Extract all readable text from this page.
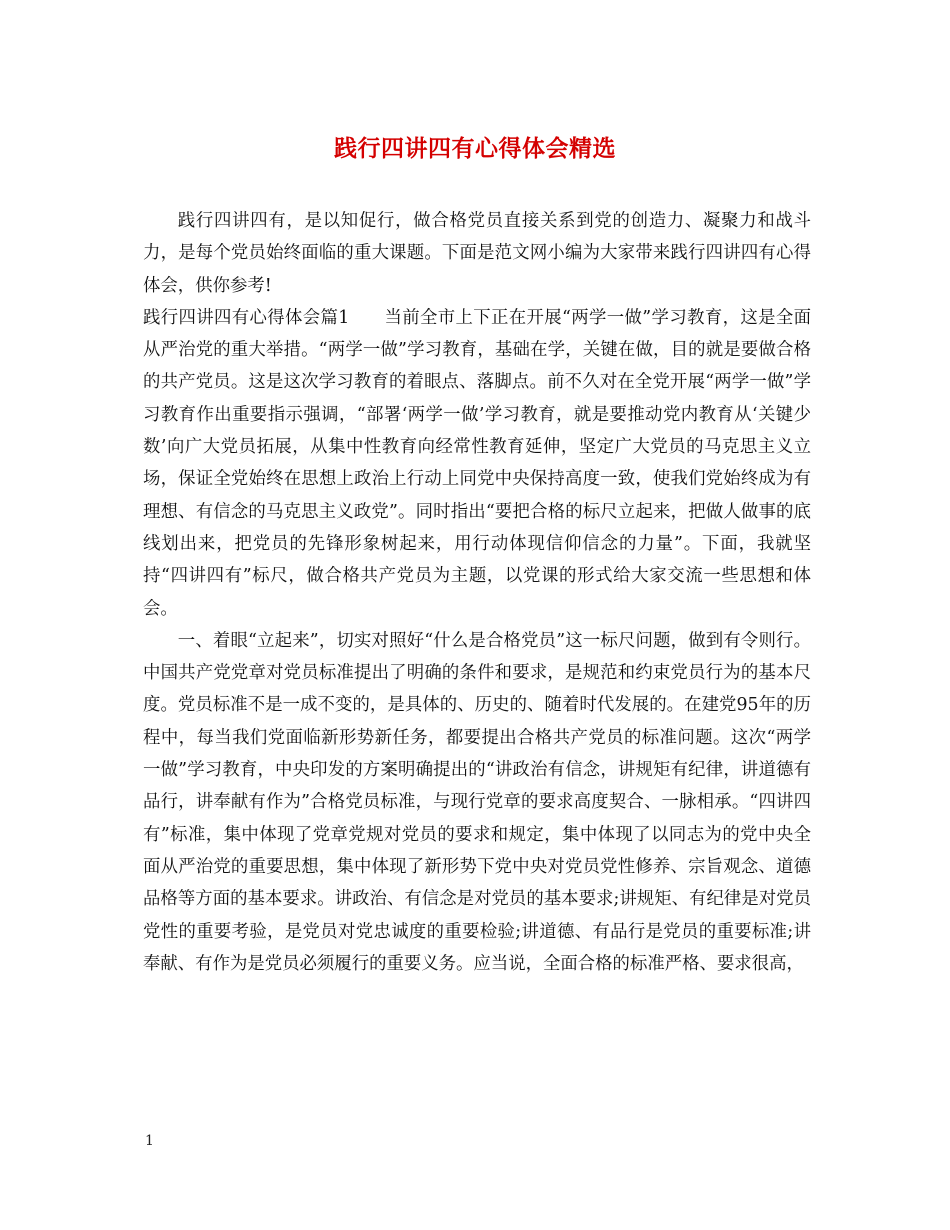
践行四讲四有心得体会精选

践行四讲四有，是以知促行，做合格党员直接关系到党的创造力、凝聚力和战斗力，是每个党员始终面临的重大课题。下面是范文网小编为大家带来践行四讲四有心得体会，供你参考!

践行四讲四有心得体会篇1   当前全市上下正在开展“两学一做”学习教育，这是全面从严治党的重大举措。“两学一做”学习教育，基础在学，关键在做，目的就是要做合格的共产党员。这是这次学习教育的着眼点、落脚点。前不久对在全党开展“两学一做”学习教育作出重要指示强调，“部署‘两学一做’学习教育，就是要推动党内教育从‘关键少数’向广大党员拓展，从集中性教育向经常性教育延伸，坚定广大党员的马克思主义立场，保证全党始终在思想上政治上行动上同党中央保持高度一致，使我们党始终成为有理想、有信念的马克思主义政党”。同时指出“要把合格的标尺立起来，把做人做事的底线划出来，把党员的先锋形象树起来，用行动体现信仰信念的力量”。下面，我就坚持“四讲四有”标尺，做合格共产党员为主题，以党课的形式给大家交流一些思想和体会。

一、着眼“立起来”，切实对照好“什么是合格党员”这一标尺问题，做到有令则行。中国共产党党章对党员标准提出了明确的条件和要求，是规范和约束党员行为的基本尺度。党员标准不是一成不变的，是具体的、历史的、随着时代发展的。在建党95年的历程中，每当我们党面临新形势新任务，都要提出合格共产党员的标准问题。这次“两学一做”学习教育，中央印发的方案明确提出的“讲政治有信念，讲规矩有纪律，讲道德有品行，讲奉献有作为”合格党员标准，与现行党章的要求高度契合、一脉相承。“四讲四有”标准，集中体现了党章党规对党员的要求和规定，集中体现了以同志为的党中央全面从严治党的重要思想，集中体现了新形势下党中央对党员党性修养、宗旨观念、道德品格等方面的基本要求。讲政治、有信念是对党员的基本要求;讲规矩、有纪律是对党员党性的重要考验，是党员对党忠诚度的重要检验;讲道德、有品行是党员的重要标准;讲奉献、有作为是党员必须履行的重要义务。应当说，全面合格的标准严格、要求很高，

1
